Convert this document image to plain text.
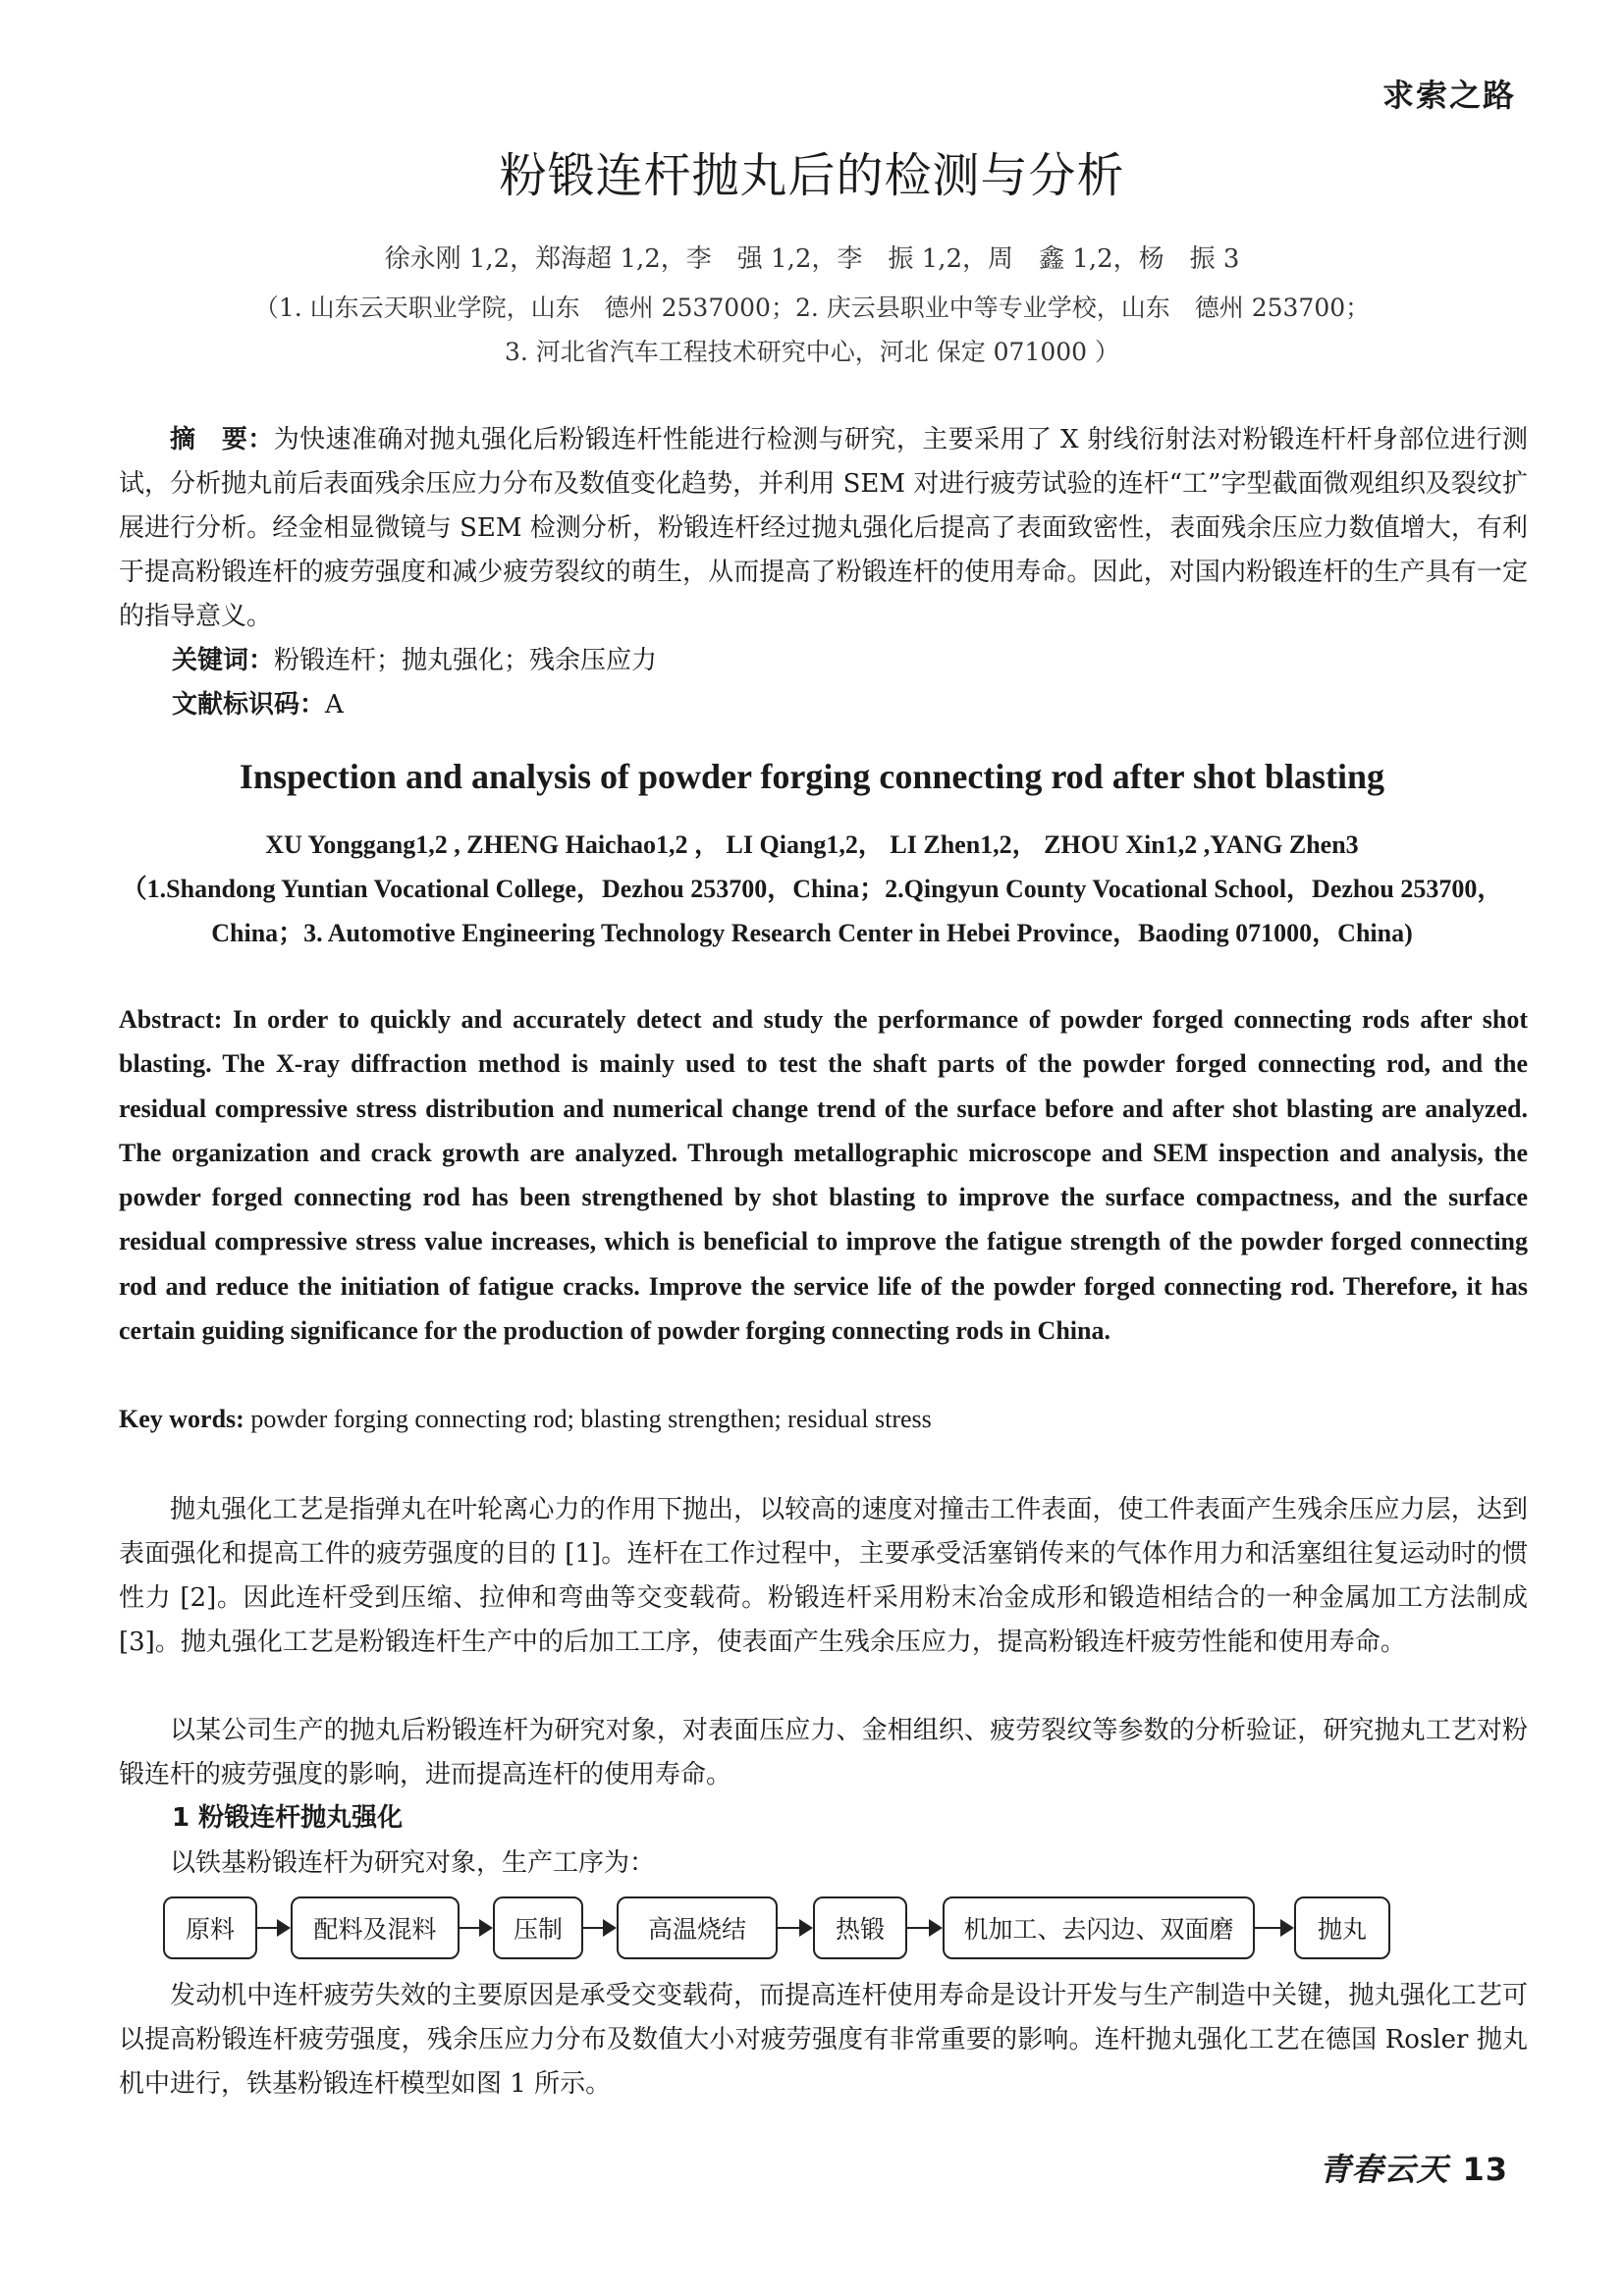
求索之路
粉锻连杆抛丸后的检测与分析
徐永刚 1,2，郑海超 1,2，李　强 1,2，李　振 1,2，周　鑫 1,2，杨　振 3
（1. 山东云天职业学院，山东　德州 2537000；2. 庆云县职业中等专业学校，山东　德州 253700；
3. 河北省汽车工程技术研究中心，河北 保定 071000 ）
摘　要：为快速准确对抛丸强化后粉锻连杆性能进行检测与研究，主要采用了 X 射线衍射法对粉锻连杆杆身部位进行测试，分析抛丸前后表面残余压应力分布及数值变化趋势，并利用 SEM 对进行疲劳试验的连杆“工”字型截面微观组织及裂纹扩展进行分析。经金相显微镜与 SEM 检测分析，粉锻连杆经过抛丸强化后提高了表面致密性，表面残余压应力数值增大，有利于提高粉锻连杆的疲劳强度和减少疲劳裂纹的萌生，从而提高了粉锻连杆的使用寿命。因此，对国内粉锻连杆的生产具有一定的指导意义。
关键词：粉锻连杆；抛丸强化；残余压应力
文献标识码：A
Inspection and analysis of powder forging connecting rod after shot blasting
XU Yonggang1,2 , ZHENG Haichao1,2 ， LI Qiang1,2， LI Zhen1,2， ZHOU Xin1,2 ,YANG Zhen3
（1.Shandong Yuntian Vocational College，Dezhou 253700，China；2.Qingyun County Vocational School，Dezhou 253700，China；3. Automotive Engineering Technology Research Center in Hebei Province，Baoding 071000，China)
Abstract: In order to quickly and accurately detect and study the performance of powder forged connecting rods after shot blasting. The X-ray diffraction method is mainly used to test the shaft parts of the powder forged connecting rod, and the residual compressive stress distribution and numerical change trend of the surface before and after shot blasting are analyzed. The organization and crack growth are analyzed. Through metallographic microscope and SEM inspection and analysis, the powder forged connecting rod has been strengthened by shot blasting to improve the surface compactness, and the surface residual compressive stress value increases, which is beneficial to improve the fatigue strength of the powder forged connecting rod and reduce the initiation of fatigue cracks. Improve the service life of the powder forged connecting rod. Therefore, it has certain guiding significance for the production of powder forging connecting rods in China.
Key words: powder forging connecting rod; blasting strengthen; residual stress
抛丸强化工艺是指弹丸在叶轮离心力的作用下抛出，以较高的速度对撞击工件表面，使工件表面产生残余压应力层，达到表面强化和提高工件的疲劳强度的目的 [1]。连杆在工作过程中，主要承受活塞销传来的气体作用力和活塞组往复运动时的惯性力 [2]。因此连杆受到压缩、拉伸和弯曲等交变载荷。粉锻连杆采用粉末冶金成形和锻造相结合的一种金属加工方法制成 [3]。抛丸强化工艺是粉锻连杆生产中的后加工工序，使表面产生残余压应力，提高粉锻连杆疲劳性能和使用寿命。
以某公司生产的抛丸后粉锻连杆为研究对象，对表面压应力、金相组织、疲劳裂纹等参数的分析验证，研究抛丸工艺对粉锻连杆的疲劳强度的影响，进而提高连杆的使用寿命。
1 粉锻连杆抛丸强化
以铁基粉锻连杆为研究对象，生产工序为：
原料	配料及混料	压制	高温烧结	热锻	机加工、去闪边、双面磨	抛丸
发动机中连杆疲劳失效的主要原因是承受交变载荷，而提高连杆使用寿命是设计开发与生产制造中关键，抛丸强化工艺可以提高粉锻连杆疲劳强度，残余压应力分布及数值大小对疲劳强度有非常重要的影响。连杆抛丸强化工艺在德国 Rosler 抛丸机中进行，铁基粉锻连杆模型如图 1 所示。
青春云天 13
